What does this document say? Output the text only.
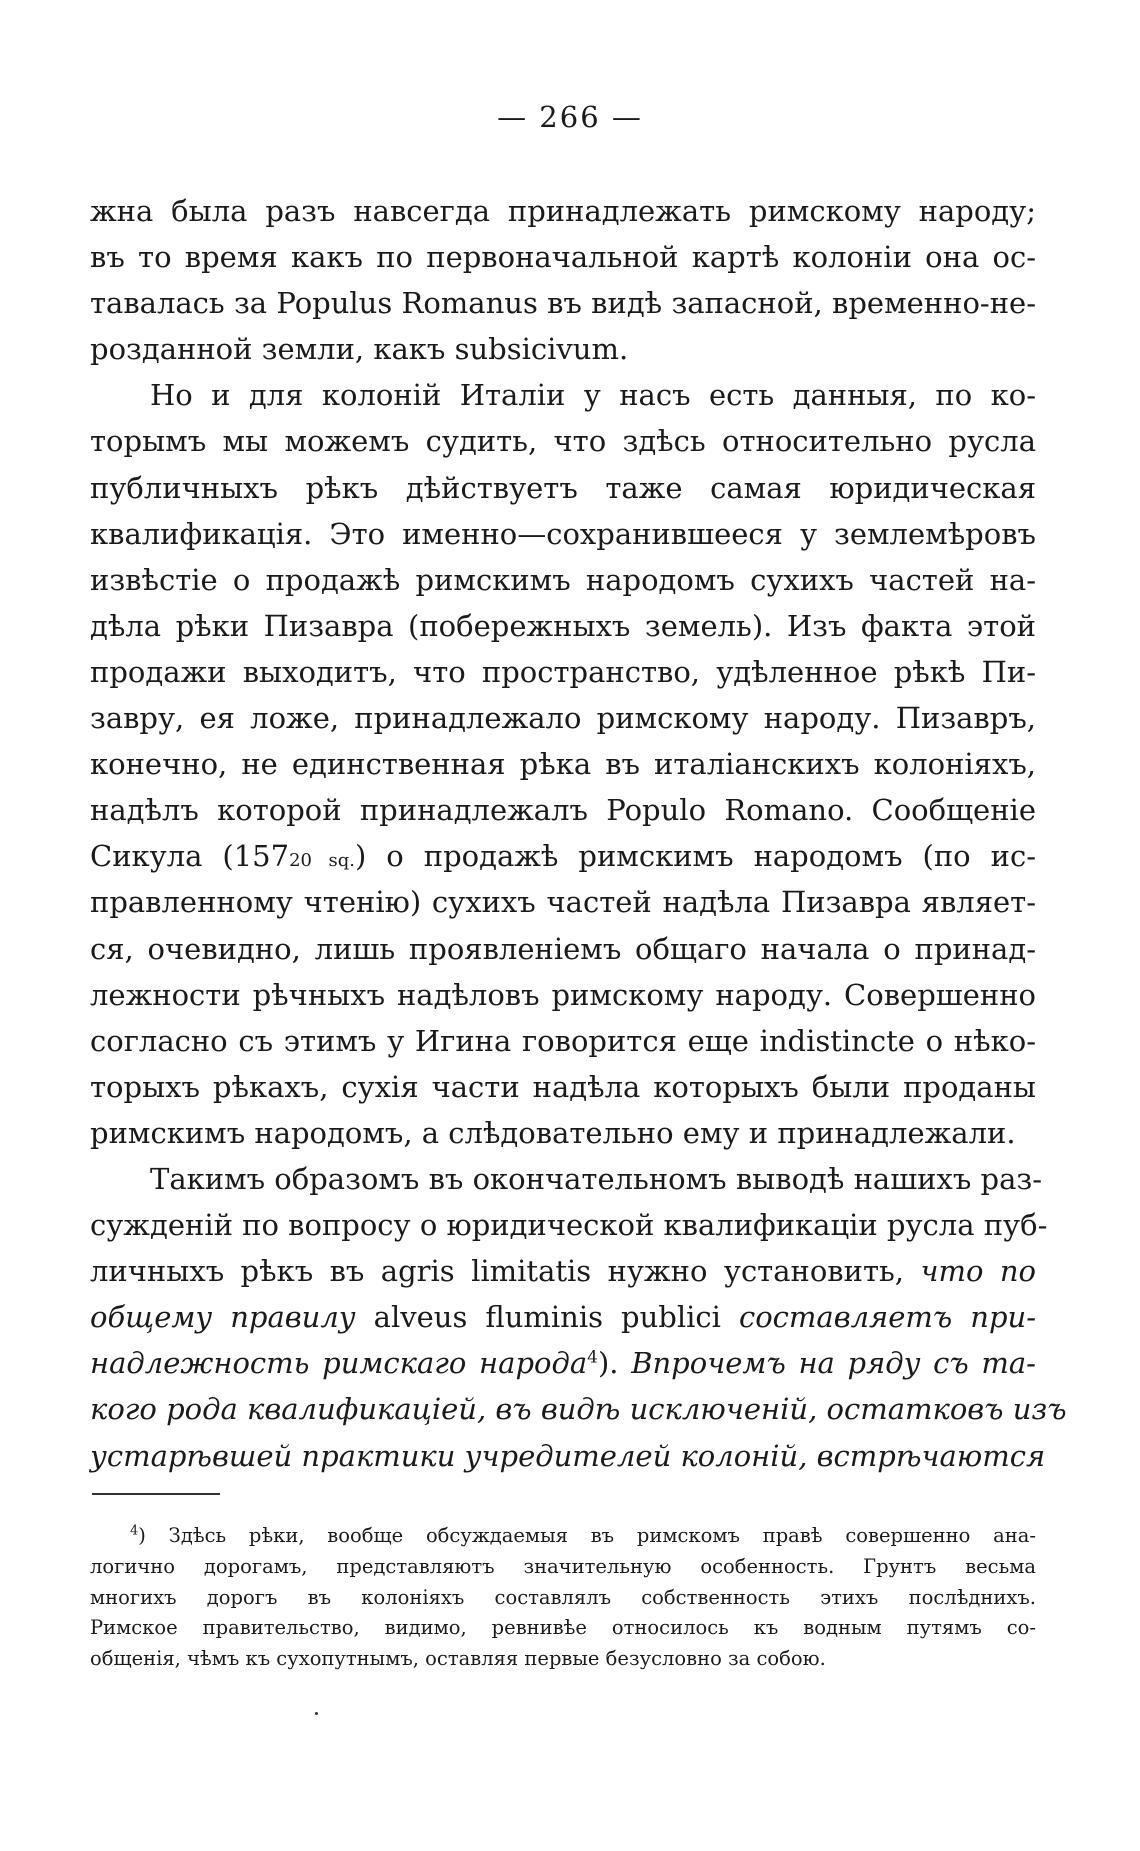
— 266 —
жна была разъ навсегда принадлежать римскому народу;
въ то время какъ по первоначальной картѣ колоніи она ос-
тавалась за Populus Romanus въ видѣ запасной, временно-не-
розданной земли, какъ subsicivum.
Но и для колоній Италіи у насъ есть данныя, по ко-
торымъ мы можемъ судить, что здѣсь относительно русла
публичныхъ рѣкъ дѣйствуетъ таже самая юридическая
квалификація. Это именно—сохранившееся у землемѣровъ
извѣстіе о продажѣ римскимъ народомъ сухихъ частей на-
дѣла рѣки Пизавра (побережныхъ земель). Изъ факта этой
продажи выходитъ, что пространство, удѣленное рѣкѣ Пи-
завру, ея ложе, принадлежало римскому народу. Пизавръ,
конечно, не единственная рѣка въ италіанскихъ колоніяхъ,
надѣлъ которой принадлежалъ Populo Romano. Сообщеніе
Сикула (15720 sq.) о продажѣ римскимъ народомъ (по ис-
правленному чтенію) сухихъ частей надѣла Пизавра являет-
ся, очевидно, лишь проявленіемъ общаго начала о принад-
лежности рѣчныхъ надѣловъ римскому народу. Совершенно
согласно съ этимъ у Игина говорится еще indistincte о нѣко-
торыхъ рѣкахъ, сухія части надѣла которыхъ были проданы
римскимъ народомъ, а слѣдовательно ему и принадлежали.
Такимъ образомъ въ окончательномъ выводѣ нашихъ раз-
сужденій по вопросу о юридической квалификаціи русла пуб-
личныхъ рѣкъ въ agris limitatis нужно установить, что по
общему правилу alveus fluminis publici составляетъ при-
надлежность римскаго народа$^4$). Впрочемъ на ряду съ та-
кого рода квалификаціей, въ видѣ исключеній, остатковъ изъ
устарѣвшей практики учредителей колоній, встрѣчаются
$^4$) Здѣсь рѣки, вообще обсуждаемыя въ римскомъ правѣ совершенно ана-
логично дорогамъ, представляютъ значительную особенность. Грунтъ весьма
многихъ дорогъ въ колоніяхъ составлялъ собственность этихъ послѣднихъ.
Римское правительство, видимо, ревнивѣе относилось къ водным путямъ со-
общенія, чѣмъ къ сухопутнымъ, оставляя первые безусловно за собою.
